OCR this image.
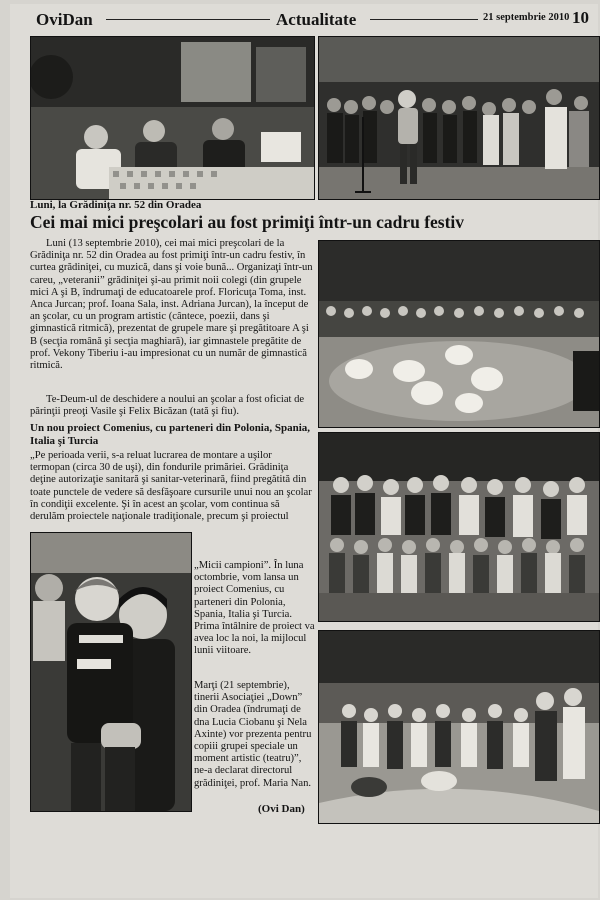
OviDan	Actualitate	21 septembrie 2010 10
Luni, la Grădiniţa nr. 52 din Oradea
Cei mai mici preşcolari au fost primiţi într-un cadru festiv

Luni (13 septembrie 2010), cei mai mici preşcolari de la Grădiniţa nr. 52 din Oradea au fost primiţi într-un cadru festiv, în curtea grădiniţei, cu muzică, dans şi voie bună... Organizaţi într-un careu, „veteranii” grădiniţei şi-au primit noii colegi (din grupele mici A şi B, îndrumaţi de educatoarele prof. Floricuţa Toma, inst. Anca Jurcan; prof. Ioana Sala, inst. Adriana Jurcan), la început de an şcolar, cu un program artistic (cântece, poezii, dans şi gimnastică ritmică), prezentat de grupele mare şi pregătitoare A şi B (secţia română şi secţia maghiară), iar gimnastele pregătite de prof. Vekony Tiberiu i-au impresionat cu un număr de gimnastică ritmică.

Te-Deum-ul de deschidere a noului an şcolar a fost oficiat de părinţii preoţi Vasile şi Felix Bicăzan (tată şi fiu).

Un nou proiect Comenius, cu parteneri din Polonia, Spania, Italia şi Turcia

„Pe perioada verii, s-a reluat lucrarea de montare a uşilor termopan (circa 30 de uşi), din fondurile primăriei. Grădiniţa deţine autorizaţie sanitară şi sanitar-veterinară, fiind pregătită din toate punctele de vedere să desfăşoare cursurile unui nou an şcolar în condiţii excelente. Şi în acest an şcolar, vom continua să derulăm proiectele naţionale tradiţionale, precum şi proiectul

„Micii campioni”. În luna octombrie, vom lansa un proiect Comenius, cu parteneri din Polonia, Spania, Italia şi Turcia. Prima întâlnire de proiect va avea loc la noi, la mijlocul lunii viitoare.

Marţi (21 septembrie), tinerii Asociaţiei „Down” din Oradea (îndrumaţi de dna Lucia Ciobanu şi Nela Axinte) vor prezenta pentru copiii grupei speciale un moment artistic (teatru)”, ne-a declarat directorul grădiniţei, prof. Maria Nan.

(Ovi Dan)
